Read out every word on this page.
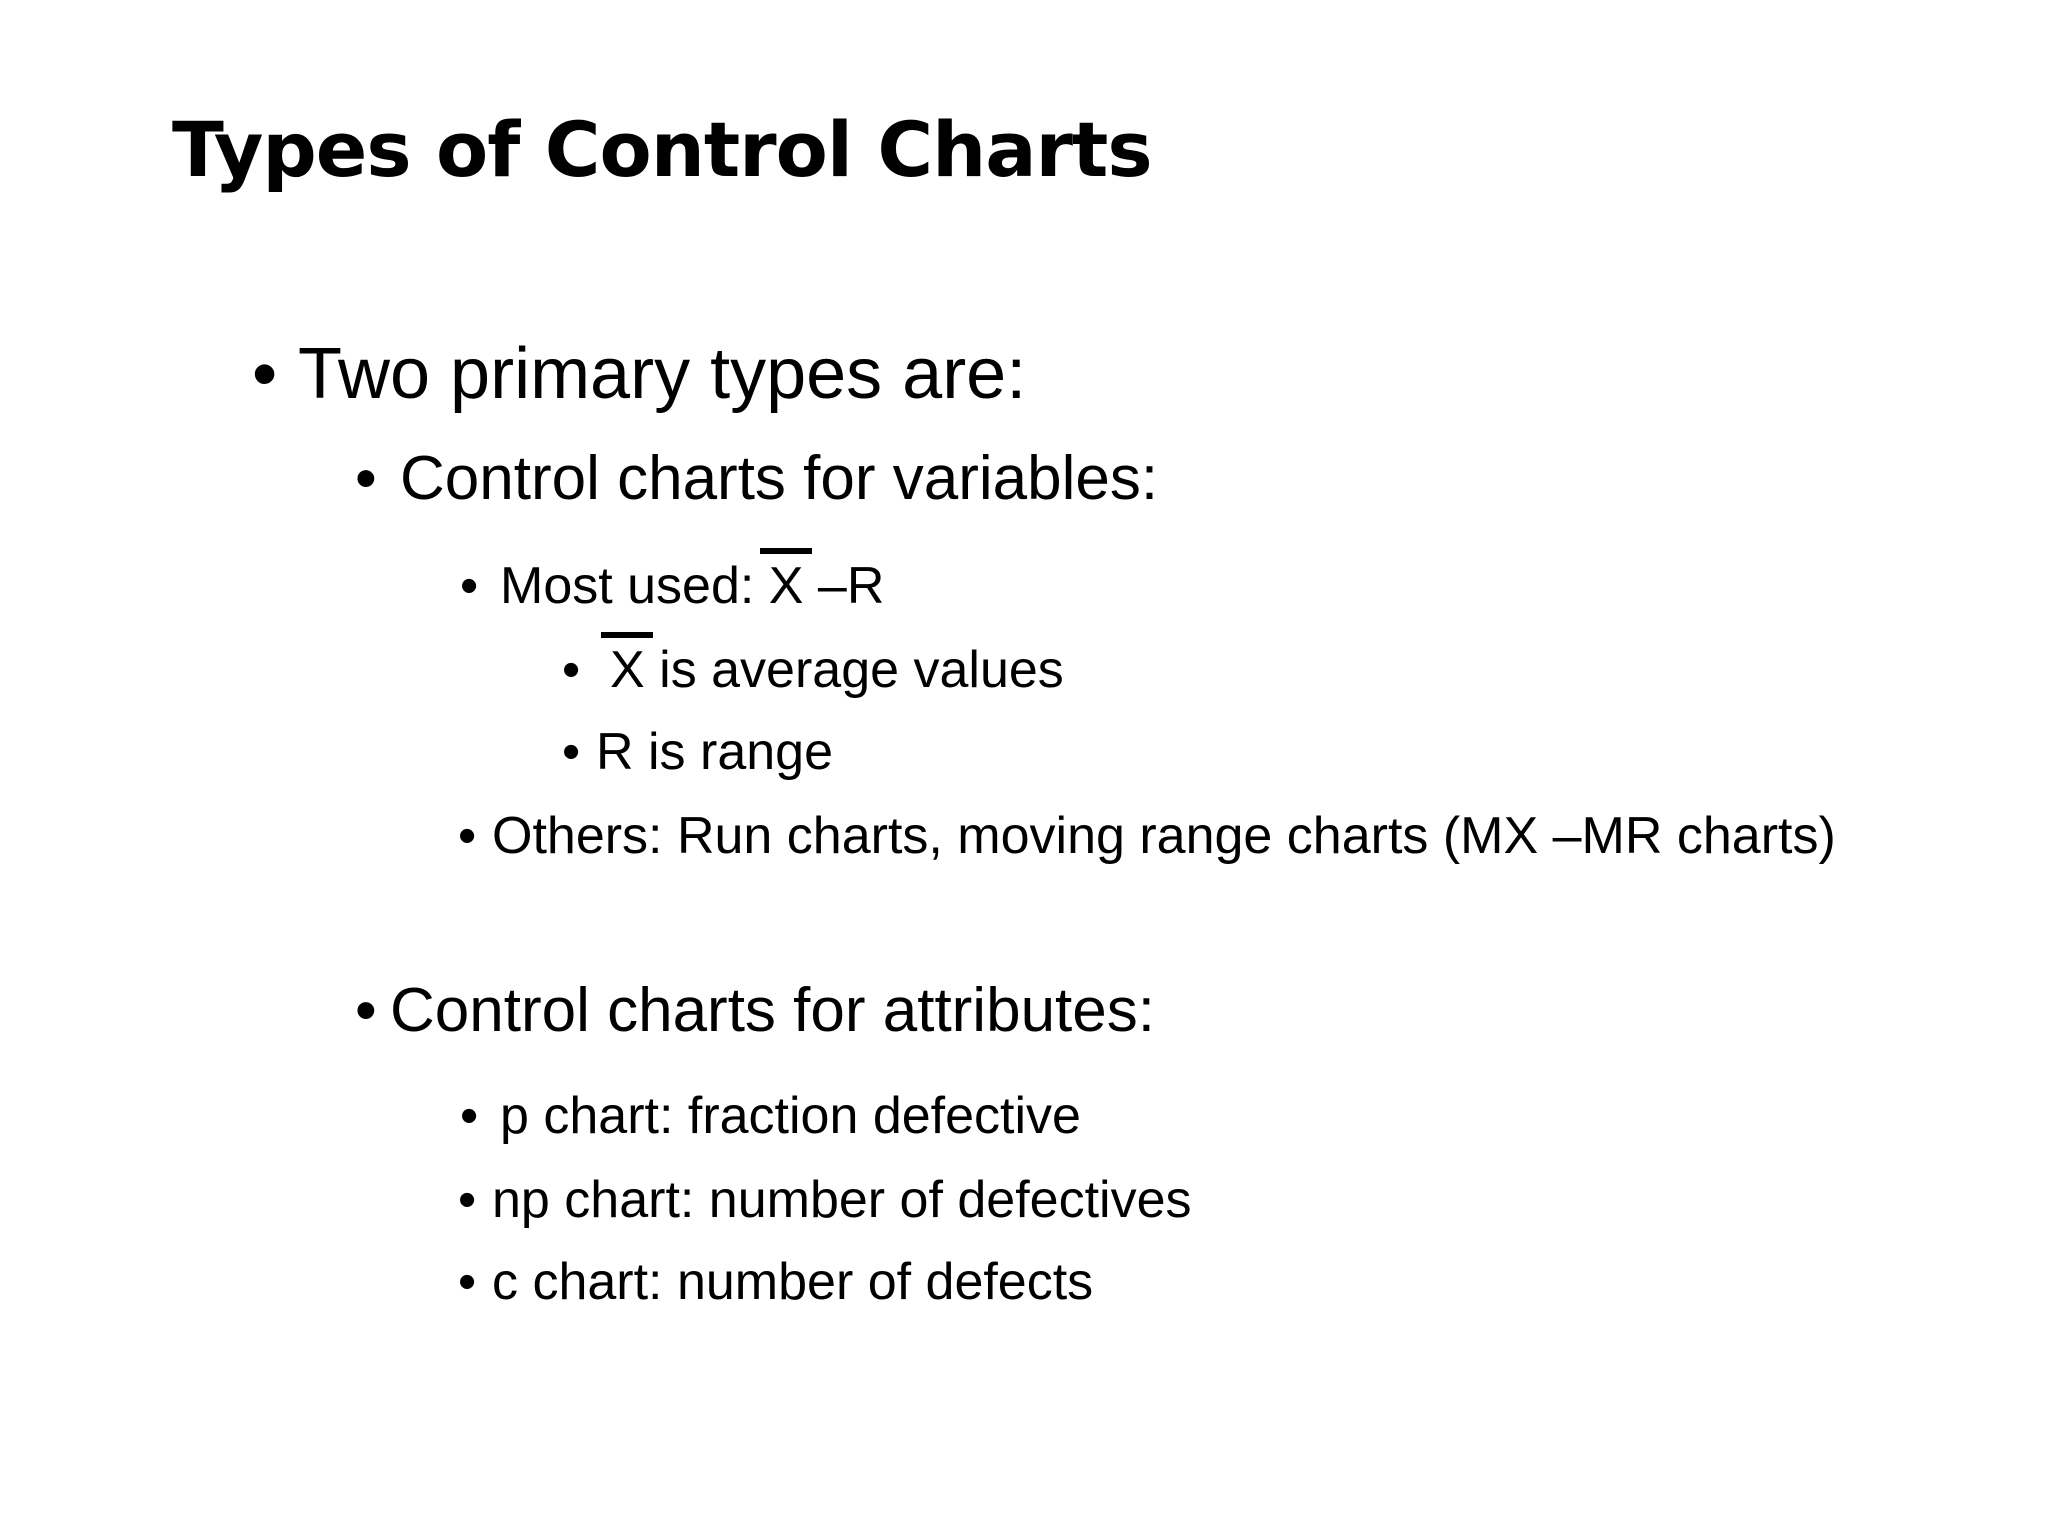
Types of Control Charts
• Two primary types are:
• Control charts for variables:
• Most used: X –R
• X is average values
• R is range
• Others: Run charts, moving range charts (MX –MR charts)
• Control charts for attributes:
• p chart: fraction defective
• np chart: number of defectives
• c chart: number of defects
